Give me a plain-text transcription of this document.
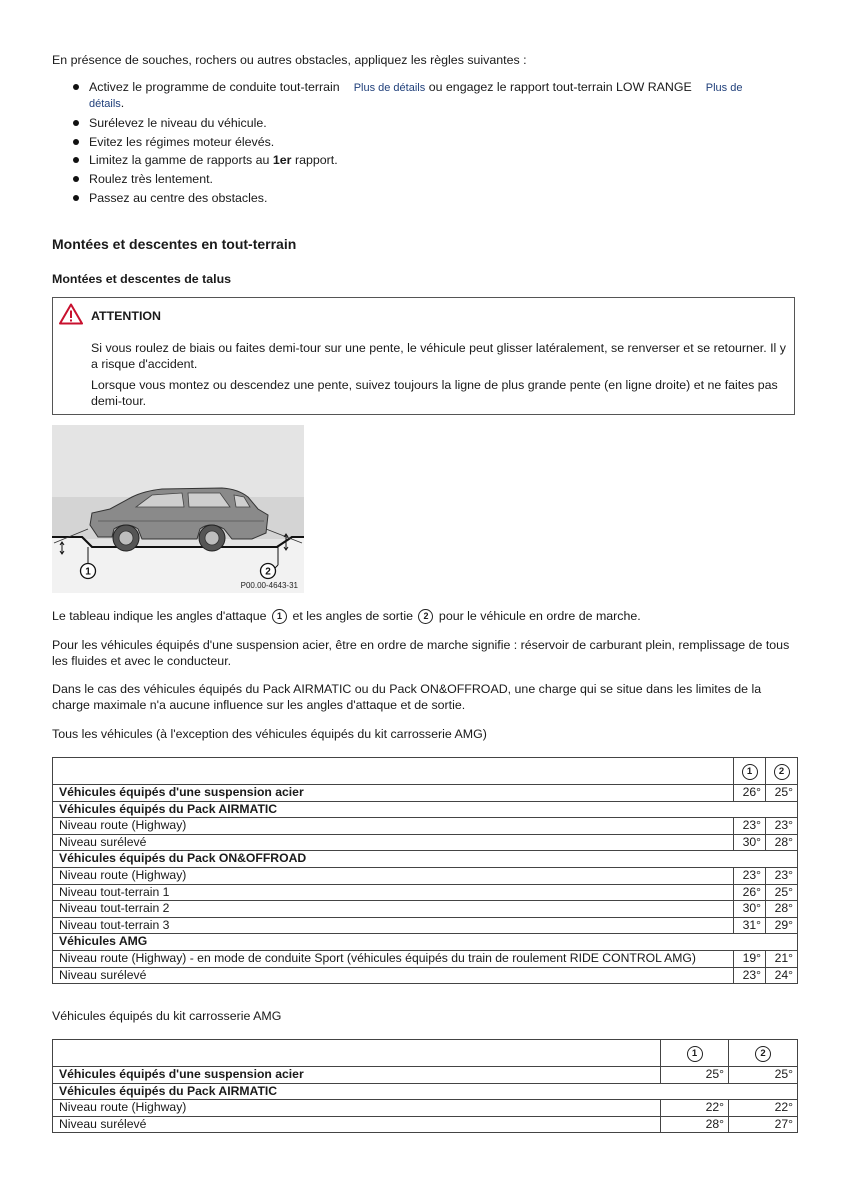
En présence de souches, rochers ou autres obstacles, appliquez les règles suivantes :
Activez le programme de conduite tout-terrain Plus de détails ou engagez le rapport tout-terrain LOW RANGE Plus de
détails.
Surélevez le niveau du véhicule.
Evitez les régimes moteur élevés.
Limitez la gamme de rapports au 1er rapport.
Roulez très lentement.
Passez au centre des obstacles.
Montées et descentes en tout-terrain
Montées et descentes de talus
ATTENTION
Si vous roulez de biais ou faites demi-tour sur une pente, le véhicule peut glisser latéralement, se renverser et se retourner. Il y a risque d'accident.
Lorsque vous montez ou descendez une pente, suivez toujours la ligne de plus grande pente (en ligne droite) et ne faites pas demi-tour.
1	2
P00.00-4643-31
Le tableau indique les angles d'attaque 1 et les angles de sortie 2 pour le véhicule en ordre de marche.
Pour les véhicules équipés d'une suspension acier, être en ordre de marche signifie : réservoir de carburant plein, remplissage de tous les fluides et avec le conducteur.
Dans le cas des véhicules équipés du Pack AIRMATIC ou du Pack ON&OFFROAD, une charge qui se situe dans les limites de la charge maximale n'a aucune influence sur les angles d'attaque et de sortie.
Tous les véhicules (à l'exception des véhicules équipés du kit carrosserie AMG)
	1	2
Véhicules équipés d'une suspension acier	26°	25°
Véhicules équipés du Pack AIRMATIC		
Niveau route (Highway)	23°	23°
Niveau surélevé	30°	28°
Véhicules équipés du Pack ON&OFFROAD		
Niveau route (Highway)	23°	23°
Niveau tout-terrain 1	26°	25°
Niveau tout-terrain 2	30°	28°
Niveau tout-terrain 3	31°	29°
Véhicules AMG		
Niveau route (Highway) - en mode de conduite Sport (véhicules équipés du train de roulement RIDE CONTROL AMG)	19°	21°
Niveau surélevé	23°	24°
Véhicules équipés du kit carrosserie AMG
	1	2
Véhicules équipés d'une suspension acier	25°	25°
Véhicules équipés du Pack AIRMATIC		
Niveau route (Highway)	22°	22°
Niveau surélevé	28°	27°
